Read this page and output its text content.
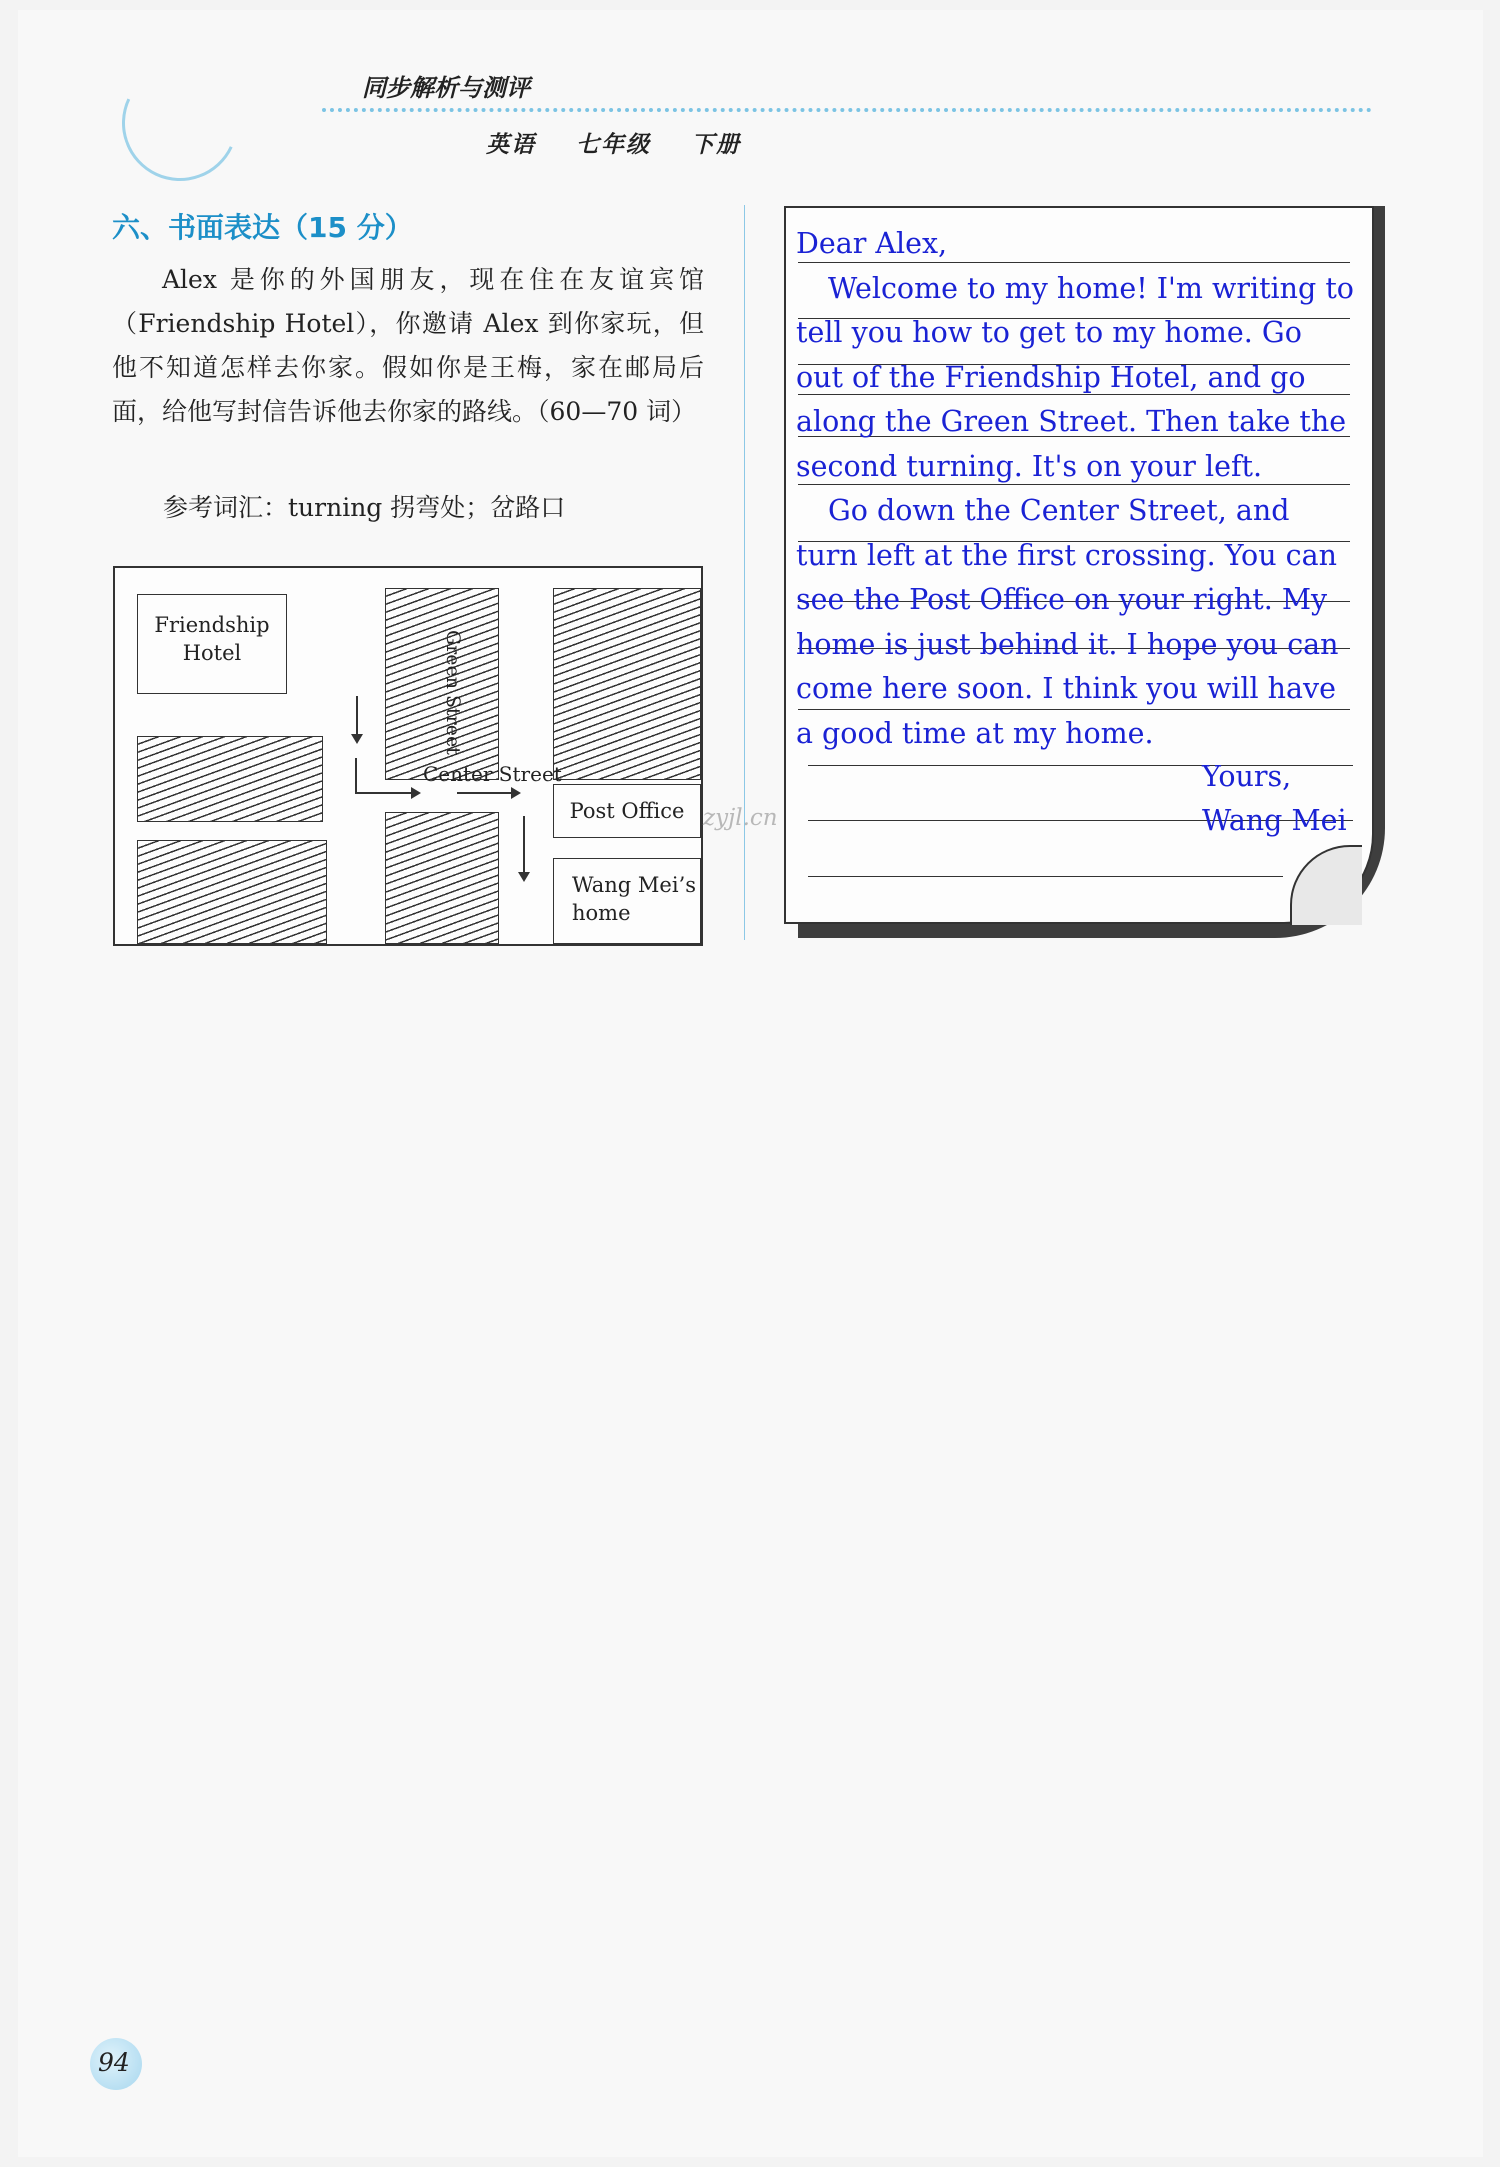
同步解析与测评
英语 七年级 下册
六、书面表达（15 分）
Alex 是你的外国朋友，现在住在友谊宾馆（Friendship Hotel），你邀请 Alex 到你家玩，但他不知道怎样去你家。假如你是王梅，家在邮局后面，给他写封信告诉他去你家的路线。（60—70 词）
参考词汇：turning 拐弯处；岔路口
Friendship
Hotel
Post Office
Wang Mei’s
home
Green Street
Center Street

Dear Alex,

Welcome to my home! I'm writing to tell you how to get to my home. Go out of the Friendship Hotel, and go along the Green Street. Then take the second turning. It's on your left.

Go down the Center Street, and turn left at the first crossing. You can see the Post Office on your right. My home is just behind it. I hope you can come here soon. I think you will have a good time at my home.

Yours,
Wang Mei
zyjl.cn
94
